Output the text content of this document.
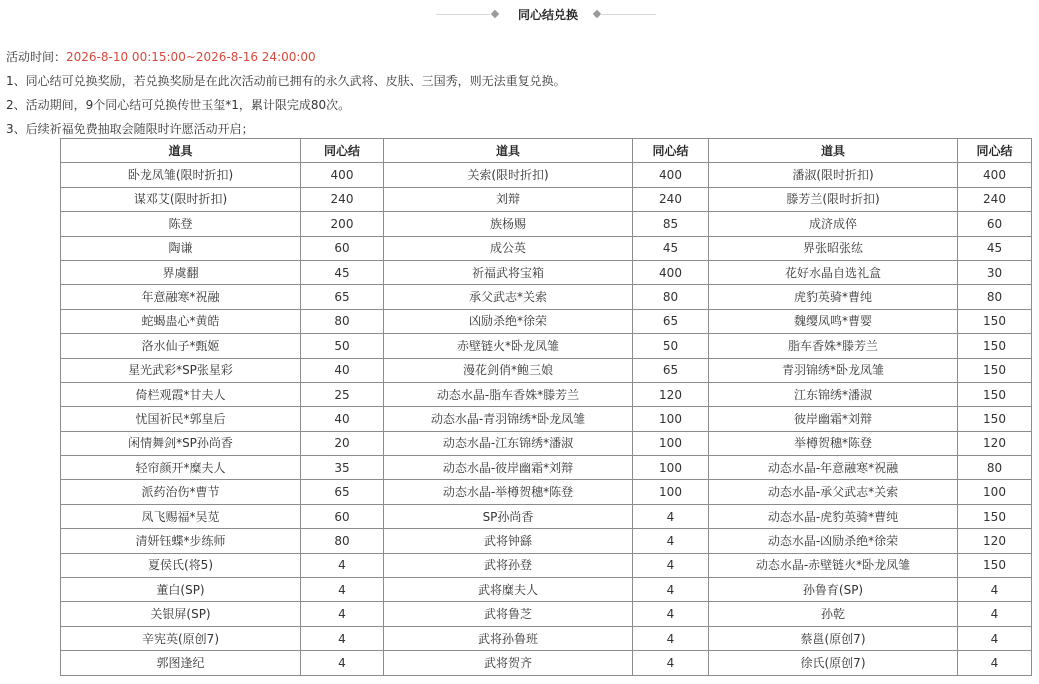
同心结兑换
活动时间：2026-8-10 00:15:00~2026-8-16 24:00:00
1、同心结可兑换奖励，若兑换奖励是在此次活动前已拥有的永久武将、皮肤、三国秀，则无法重复兑换。
2、活动期间，9个同心结可兑换传世玉玺*1，累计限完成80次。
3、后续祈福免费抽取会随限时许愿活动开启；
道具	同心结	道具	同心结	道具	同心结
卧龙凤雏(限时折扣)	400	关索(限时折扣)	400	潘淑(限时折扣)	400
谋邓艾(限时折扣)	240	刘辩	240	滕芳兰(限时折扣)	240
陈登	200	族杨赐	85	成济成倅	60
陶谦	60	成公英	45	界张昭张纮	45
界虞翻	45	祈福武将宝箱	400	花好水晶自选礼盒	30
年意融寒*祝融	65	承父武志*关索	80	虎豹英骑*曹纯	80
蛇蝎蛊心*黄皓	80	凶励杀绝*徐荣	65	魏缨凤鸣*曹婴	150
洛水仙子*甄姬	50	赤壁链火*卧龙凤雏	50	脂车香姝*滕芳兰	150
星光武彩*SP张星彩	40	漫花剑俏*鲍三娘	65	青羽锦绣*卧龙凤雏	150
倚栏观霞*甘夫人	25	动态水晶-脂车香姝*滕芳兰	120	江东锦绣*潘淑	150
忧国祈民*郭皇后	40	动态水晶-青羽锦绣*卧龙凤雏	100	彼岸幽霜*刘辩	150
闲情舞剑*SP孙尚香	20	动态水晶-江东锦绣*潘淑	100	举樽贺穗*陈登	120
轻帘颜开*糜夫人	35	动态水晶-彼岸幽霜*刘辩	100	动态水晶-年意融寒*祝融	80
派药治伤*曹节	65	动态水晶-举樽贺穗*陈登	100	动态水晶-承父武志*关索	100
凤飞赐福*吴苋	60	SP孙尚香	4	动态水晶-虎豹英骑*曹纯	150
清妍钰蝶*步练师	80	武将钟繇	4	动态水晶-凶励杀绝*徐荣	120
夏侯氏(将5)	4	武将孙登	4	动态水晶-赤壁链火*卧龙凤雏	150
董白(SP)	4	武将糜夫人	4	孙鲁育(SP)	4
关银屏(SP)	4	武将鲁芝	4	孙乾	4
辛宪英(原创7)	4	武将孙鲁班	4	蔡邕(原创7)	4
郭图逢纪	4	武将贺齐	4	徐氏(原创7)	4
